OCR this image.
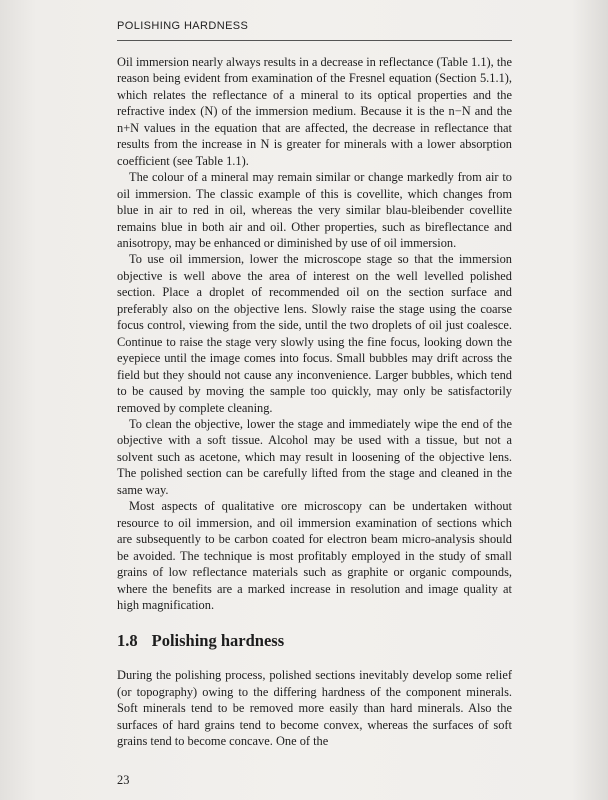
POLISHING HARDNESS

Oil immersion nearly always results in a decrease in reflectance (Table 1.1), the reason being evident from examination of the Fresnel equation (Section 5.1.1), which relates the reflectance of a mineral to its optical properties and the refractive index (N) of the immersion medium. Because it is the n−N and the n+N values in the equation that are affected, the decrease in reflectance that results from the increase in N is greater for minerals with a lower absorption coefficient (see Table 1.1).

The colour of a mineral may remain similar or change markedly from air to oil immersion. The classic example of this is covellite, which changes from blue in air to red in oil, whereas the very similar blau-bleibender covellite remains blue in both air and oil. Other properties, such as bireflectance and anisotropy, may be enhanced or diminished by use of oil immersion.

To use oil immersion, lower the microscope stage so that the immersion objective is well above the area of interest on the well levelled polished section. Place a droplet of recommended oil on the section surface and preferably also on the objective lens. Slowly raise the stage using the coarse focus control, viewing from the side, until the two droplets of oil just coalesce. Continue to raise the stage very slowly using the fine focus, looking down the eyepiece until the image comes into focus. Small bubbles may drift across the field but they should not cause any inconvenience. Larger bubbles, which tend to be caused by moving the sample too quickly, may only be satisfactorily removed by complete cleaning.

To clean the objective, lower the stage and immediately wipe the end of the objective with a soft tissue. Alcohol may be used with a tissue, but not a solvent such as acetone, which may result in loosening of the objective lens. The polished section can be carefully lifted from the stage and cleaned in the same way.

Most aspects of qualitative ore microscopy can be undertaken without resource to oil immersion, and oil immersion examination of sections which are subsequently to be carbon coated for electron beam micro-analysis should be avoided. The technique is most profitably employed in the study of small grains of low reflectance materials such as graphite or organic compounds, where the benefits are a marked increase in resolution and image quality at high magnification.

1.8 Polishing hardness

During the polishing process, polished sections inevitably develop some relief (or topography) owing to the differing hardness of the component minerals. Soft minerals tend to be removed more easily than hard minerals. Also the surfaces of hard grains tend to become convex, whereas the surfaces of soft grains tend to become concave. One of the

23
